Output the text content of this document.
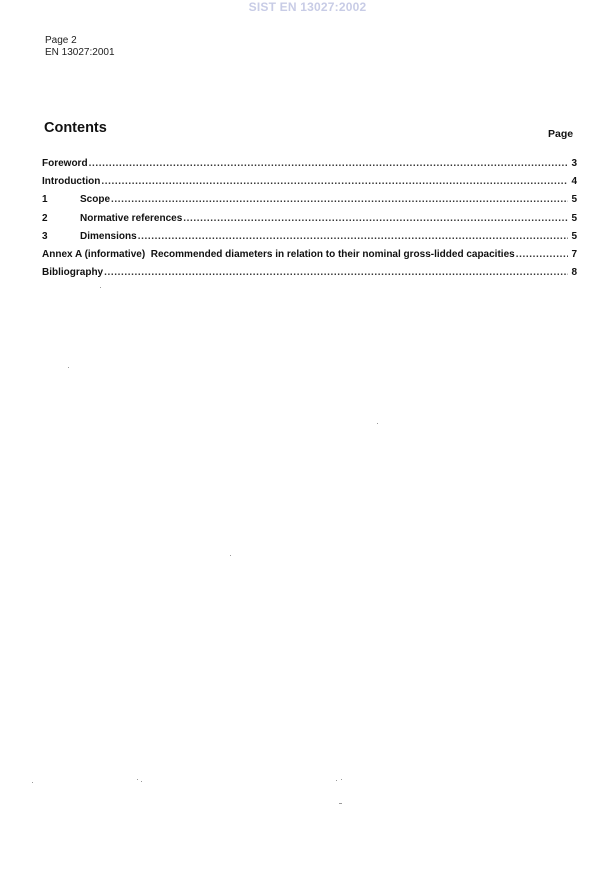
SIST EN 13027:2002
Page 2
EN 13027:2001
Contents	Page
Foreword .....	3
Introduction .....	4
1	Scope .....	5
2	Normative references .....	5
3	Dimensions .....	5
Annex A (informative)  Recommended diameters in relation to their nominal gross-lidded capacities .....	7
Bibliography .....	8
